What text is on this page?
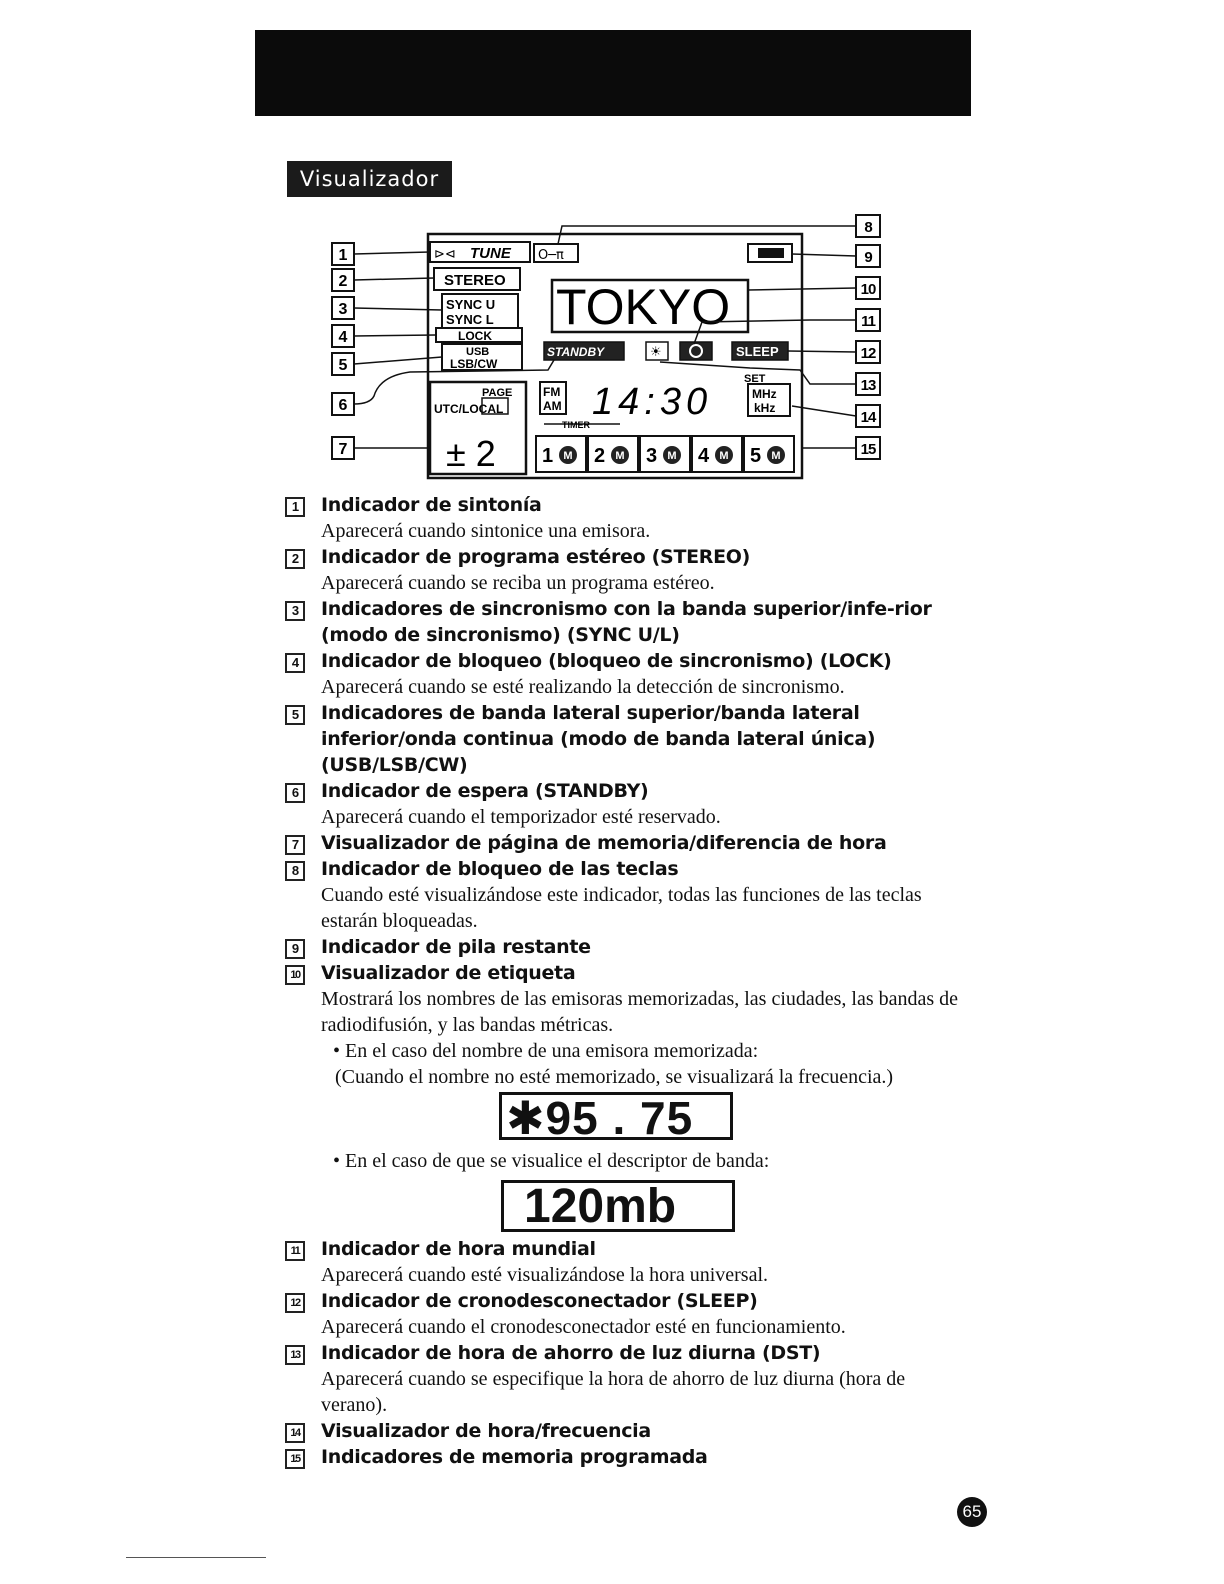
Visualizador
⊳⊲ TUNE
STEREO
SYNC U
SYNC L
LOCK
USB
LSB/CW
PAGE
UTC/LOCAL
± 2
O─π
TOKYO
STANDBY	☀	SLEEP
FM
AM 14:30
SET
MHz
kHz
TIMER
1 M 2 M 3 M 4 M 5 M
1
2
3
4
5
6
7
8
9
10
11
12
13
14
15
1	Indicador de sintonía
Aparecerá cuando sintonice una emisora.
2	Indicador de programa estéreo (STEREO)
Aparecerá cuando se reciba un programa estéreo.
3	Indicadores de sincronismo con la banda superior/infe-rior (modo de sincronismo) (SYNC U/L)
4	Indicador de bloqueo (bloqueo de sincronismo) (LOCK)
Aparecerá cuando se esté realizando la detección de sincronismo.
5	Indicadores de banda lateral superior/banda lateral inferior/onda continua (modo de banda lateral única) (USB/LSB/CW)
6	Indicador de espera (STANDBY)
Aparecerá cuando el temporizador esté reservado.
7	Visualizador de página de memoria/diferencia de hora
8	Indicador de bloqueo de las teclas
Cuando esté visualizándose este indicador, todas las funciones de las teclas estarán bloqueadas.
9	Indicador de pila restante
10 Visualizador de etiqueta
Mostrará los nombres de las emisoras memorizadas, las ciudades, las bandas de radiodifusión, y las bandas métricas.
• En el caso del nombre de una emisora memorizada:
(Cuando el nombre no esté memorizado, se visualizará la frecuencia.)
✱95 . 75
• En el caso de que se visualice el descriptor de banda:
120mb
11 Indicador de hora mundial
Aparecerá cuando esté visualizándose la hora universal.
12 Indicador de cronodesconectador (SLEEP)
Aparecerá cuando el cronodesconectador esté en funcionamiento.
13 Indicador de hora de ahorro de luz diurna (DST)
Aparecerá cuando se especifique la hora de ahorro de luz diurna (hora de verano).
14 Visualizador de hora/frecuencia
15 Indicadores de memoria programada
65
